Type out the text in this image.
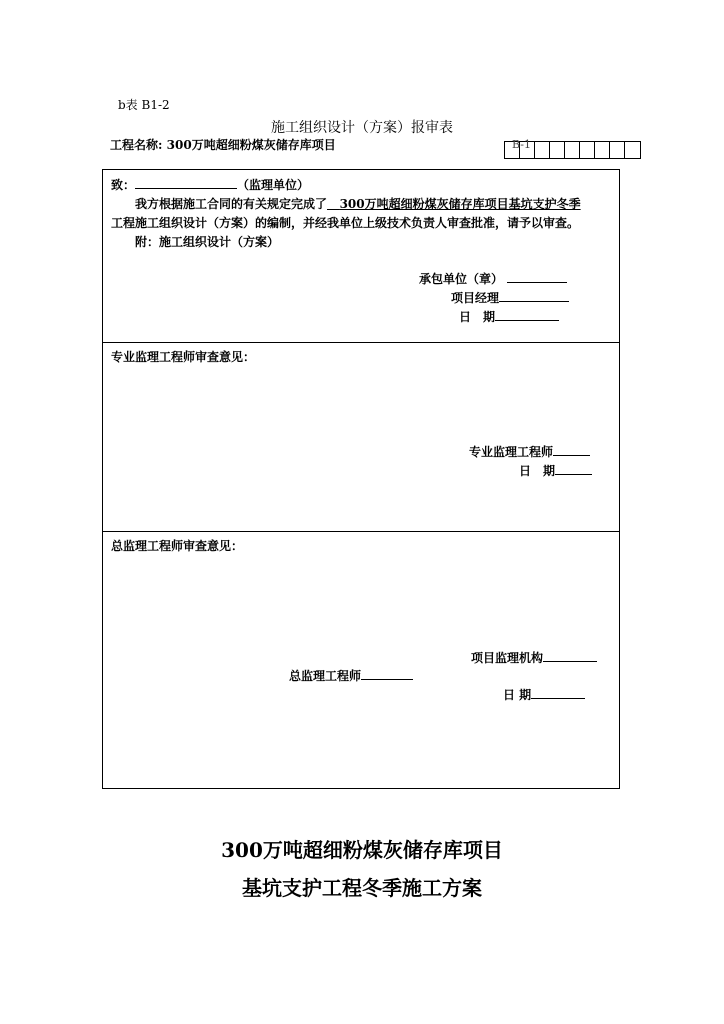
b表 B1-2
施工组织设计（方案）报审表
工程名称: 300万吨超细粉煤灰储存库项目	B-1
致：	（监理单位）
我方根据施工合同的有关规定完成了 300万吨超细粉煤灰储存库项目基坑支护冬季
工程施工组织设计（方案）的编制，并经我单位上级技术负责人审查批准，请予以审查。
附：施工组织设计（方案）
承包单位（章）
项目经理
日　期
专业监理工程师审查意见：
专业监理工程师
日　期
总监理工程师审查意见：
项目监理机构
总监理工程师
日 期
300万吨超细粉煤灰储存库项目
基坑支护工程冬季施工方案
